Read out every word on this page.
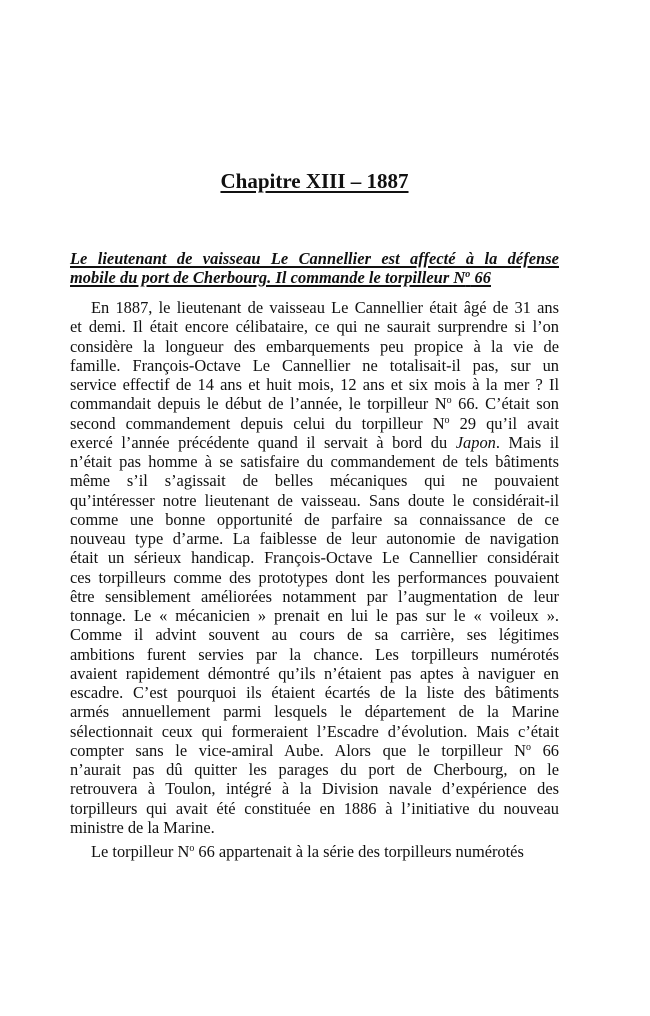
Chapitre XIII – 1887
Le lieutenant de vaisseau Le Cannellier est affecté à la défense
mobile du port de Cherbourg. Il commande le torpilleur $N^o$ 66
En 1887, le lieutenant de vaisseau Le Cannellier était âgé de 31 ans
et demi. Il était encore célibataire, ce qui ne saurait surprendre si l’on
considère la longueur des embarquements peu propice à la vie de
famille. François-Octave Le Cannellier ne totalisait-il pas, sur un
service effectif de 14 ans et huit mois, 12 ans et six mois à la mer ? Il
commandait depuis le début de l’année, le torpilleur $N^o$ 66. C’était son
second commandement depuis celui du torpilleur $N^o$ 29 qu’il avait
exercé l’année précédente quand il servait à bord du Japon. Mais il
n’était pas homme à se satisfaire du commandement de tels bâtiments
même s’il s’agissait de belles mécaniques qui ne pouvaient
qu’intéresser notre lieutenant de vaisseau. Sans doute le considérait-il
comme une bonne opportunité de parfaire sa connaissance de ce
nouveau type d’arme. La faiblesse de leur autonomie de navigation
était un sérieux handicap. François-Octave Le Cannellier considérait
ces torpilleurs comme des prototypes dont les performances pouvaient
être sensiblement améliorées notamment par l’augmentation de leur
tonnage. Le « mécanicien » prenait en lui le pas sur le « voileux ».
Comme il advint souvent au cours de sa carrière, ses légitimes
ambitions furent servies par la chance. Les torpilleurs numérotés
avaient rapidement démontré qu’ils n’étaient pas aptes à naviguer en
escadre. C’est pourquoi ils étaient écartés de la liste des bâtiments
armés annuellement parmi lesquels le département de la Marine
sélectionnait ceux qui formeraient l’Escadre d’évolution. Mais c’était
compter sans le vice-amiral Aube. Alors que le torpilleur $N^o$ 66
n’aurait pas dû quitter les parages du port de Cherbourg, on le
retrouvera à Toulon, intégré à la Division navale d’expérience des
torpilleurs qui avait été constituée en 1886 à l’initiative du nouveau
ministre de la Marine.
Le torpilleur $N^o$ 66 appartenait à la série des torpilleurs numérotés
